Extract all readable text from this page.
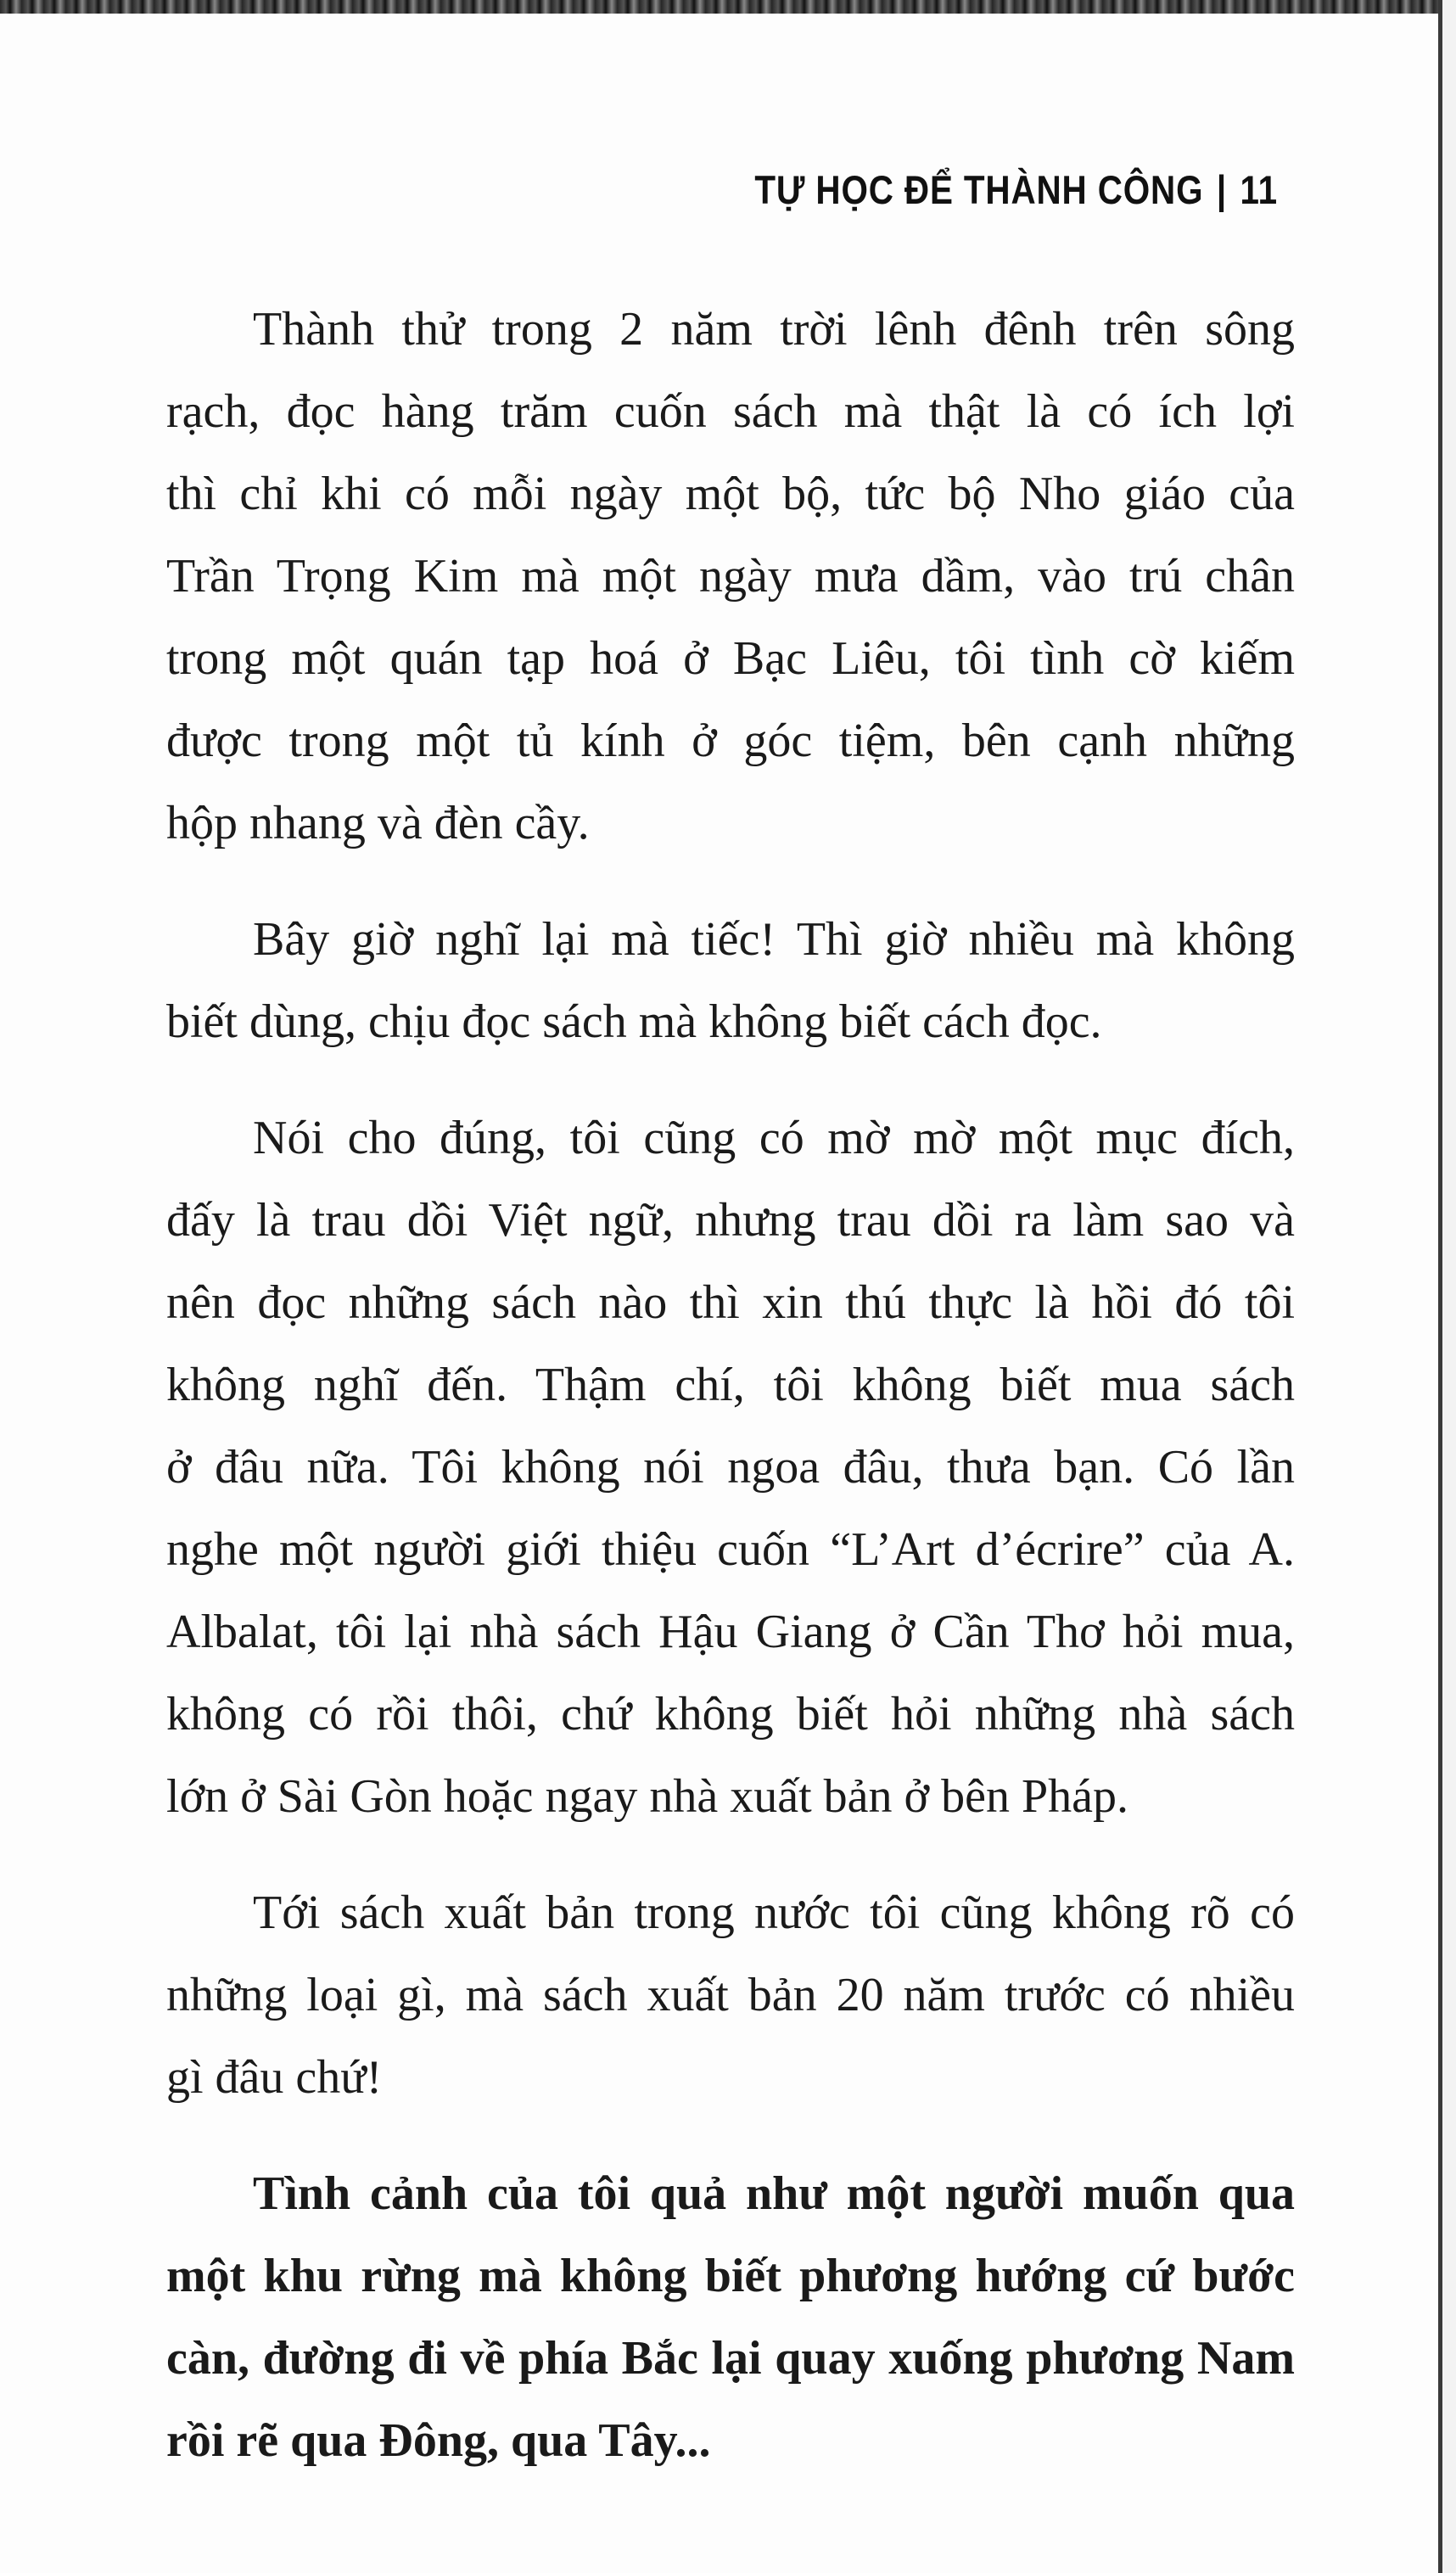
TỰ HỌC ĐỂ THÀNH CÔNG | 11
Thành thử trong 2 năm trời lênh đênh trên sông
rạch, đọc hàng trăm cuốn sách mà thật là có ích lợi
thì chỉ khi có mỗi ngày một bộ, tức bộ Nho giáo của
Trần Trọng Kim mà một ngày mưa dầm, vào trú chân
trong một quán tạp hoá ở Bạc Liêu, tôi tình cờ kiếm
được trong một tủ kính ở góc tiệm, bên cạnh những
hộp nhang và đèn cầy.
Bây giờ nghĩ lại mà tiếc! Thì giờ nhiều mà không
biết dùng, chịu đọc sách mà không biết cách đọc.
Nói cho đúng, tôi cũng có mờ mờ một mục đích,
đấy là trau dồi Việt ngữ, nhưng trau dồi ra làm sao và
nên đọc những sách nào thì xin thú thực là hồi đó tôi
không nghĩ đến. Thậm chí, tôi không biết mua sách
ở đâu nữa. Tôi không nói ngoa đâu, thưa bạn. Có lần
nghe một người giới thiệu cuốn “L’Art d’écrire” của A.
Albalat, tôi lại nhà sách Hậu Giang ở Cần Thơ hỏi mua,
không có rồi thôi, chứ không biết hỏi những nhà sách
lớn ở Sài Gòn hoặc ngay nhà xuất bản ở bên Pháp.
Tới sách xuất bản trong nước tôi cũng không rõ có
những loại gì, mà sách xuất bản 20 năm trước có nhiều
gì đâu chứ!
Tình cảnh của tôi quả như một người muốn qua
một khu rừng mà không biết phương hướng cứ bước
càn, đường đi về phía Bắc lại quay xuống phương Nam
rồi rẽ qua Đông, qua Tây...
